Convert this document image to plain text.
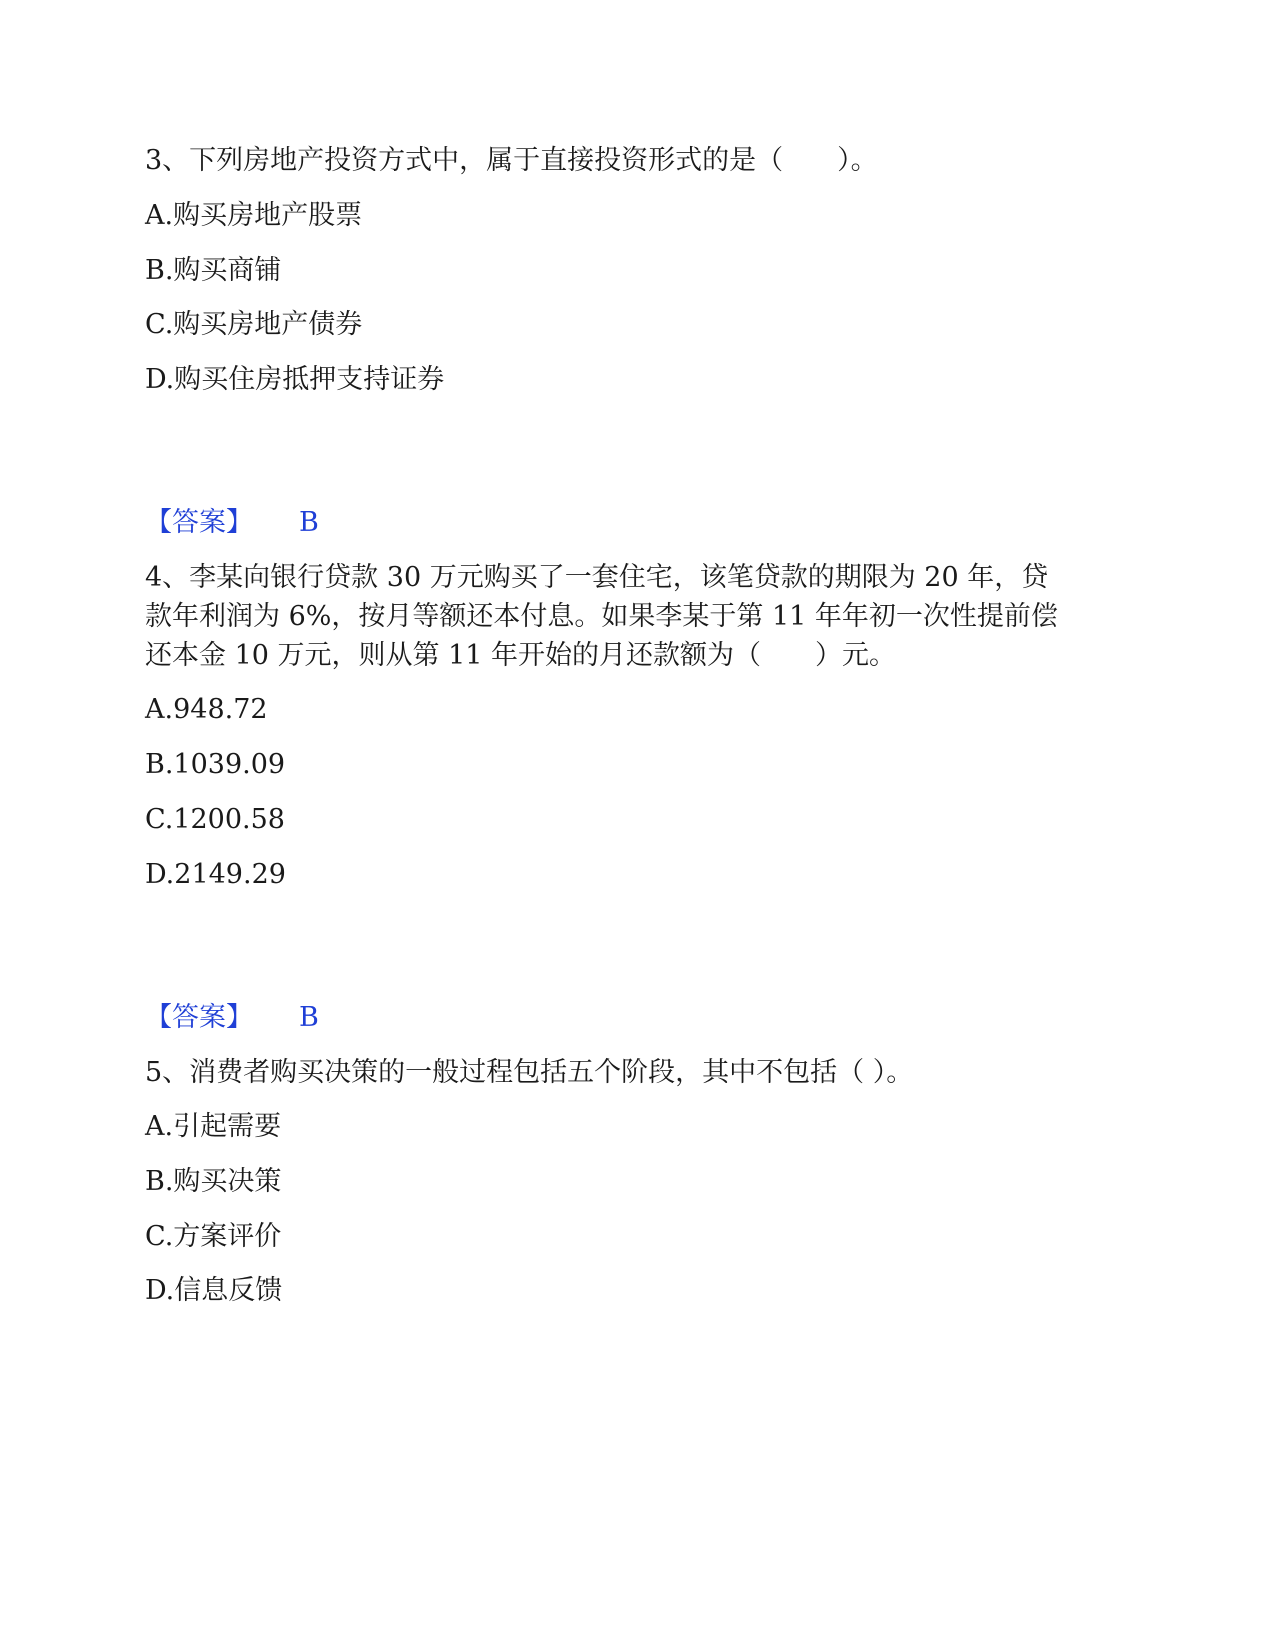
3、下列房地产投资方式中，属于直接投资形式的是（　　）。
A.购买房地产股票
B.购买商铺
C.购买房地产债券
D.购买住房抵押支持证券
【答案】 B
4、李某向银行贷款 30 万元购买了一套住宅，该笔贷款的期限为 20 年，贷
款年利润为 6%，按月等额还本付息。如果李某于第 11 年年初一次性提前偿
还本金 10 万元，则从第 11 年开始的月还款额为（　　）元。
A.948.72
B.1039.09
C.1200.58
D.2149.29
【答案】 B
5、消费者购买决策的一般过程包括五个阶段，其中不包括（ ）。
A.引起需要
B.购买决策
C.方案评价
D.信息反馈
